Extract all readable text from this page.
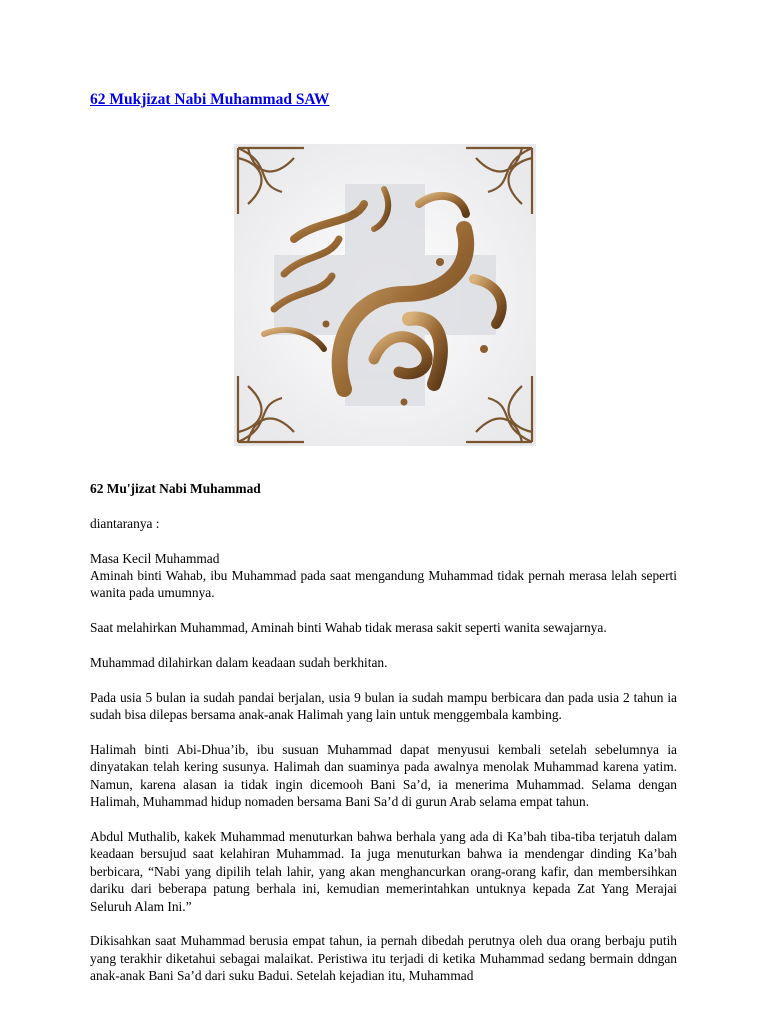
62 Mukjizat Nabi Muhammad SAW

62 Mu'jizat Nabi Muhammad

diantaranya :

Masa Kecil Muhammad
Aminah binti Wahab, ibu Muhammad pada saat mengandung Muhammad tidak pernah merasa lelah seperti wanita pada umumnya.

Saat melahirkan Muhammad, Aminah binti Wahab tidak merasa sakit seperti wanita sewajarnya.

Muhammad dilahirkan dalam keadaan sudah berkhitan.

Pada usia 5 bulan ia sudah pandai berjalan, usia 9 bulan ia sudah mampu berbicara dan pada usia 2 tahun ia sudah bisa dilepas bersama anak-anak Halimah yang lain untuk menggembala kambing.

Halimah binti Abi-Dhua’ib, ibu susuan Muhammad dapat menyusui kembali setelah sebelumnya ia dinyatakan telah kering susunya. Halimah dan suaminya pada awalnya menolak Muhammad karena yatim. Namun, karena alasan ia tidak ingin dicemooh Bani Sa’d, ia menerima Muhammad. Selama dengan Halimah, Muhammad hidup nomaden bersama Bani Sa’d di gurun Arab selama empat tahun.

Abdul Muthalib, kakek Muhammad menuturkan bahwa berhala yang ada di Ka’bah tiba-tiba terjatuh dalam keadaan bersujud saat kelahiran Muhammad. Ia juga menuturkan bahwa ia mendengar dinding Ka’bah berbicara, “Nabi yang dipilih telah lahir, yang akan menghancurkan orang-orang kafir, dan membersihkan dariku dari beberapa patung berhala ini, kemudian memerintahkan untuknya kepada Zat Yang Merajai Seluruh Alam Ini.”

Dikisahkan saat Muhammad berusia empat tahun, ia pernah dibedah perutnya oleh dua orang berbaju putih yang terakhir diketahui sebagai malaikat. Peristiwa itu terjadi di ketika Muhammad sedang bermain ddngan anak-anak Bani Sa’d dari suku Badui. Setelah kejadian itu, Muhammad
